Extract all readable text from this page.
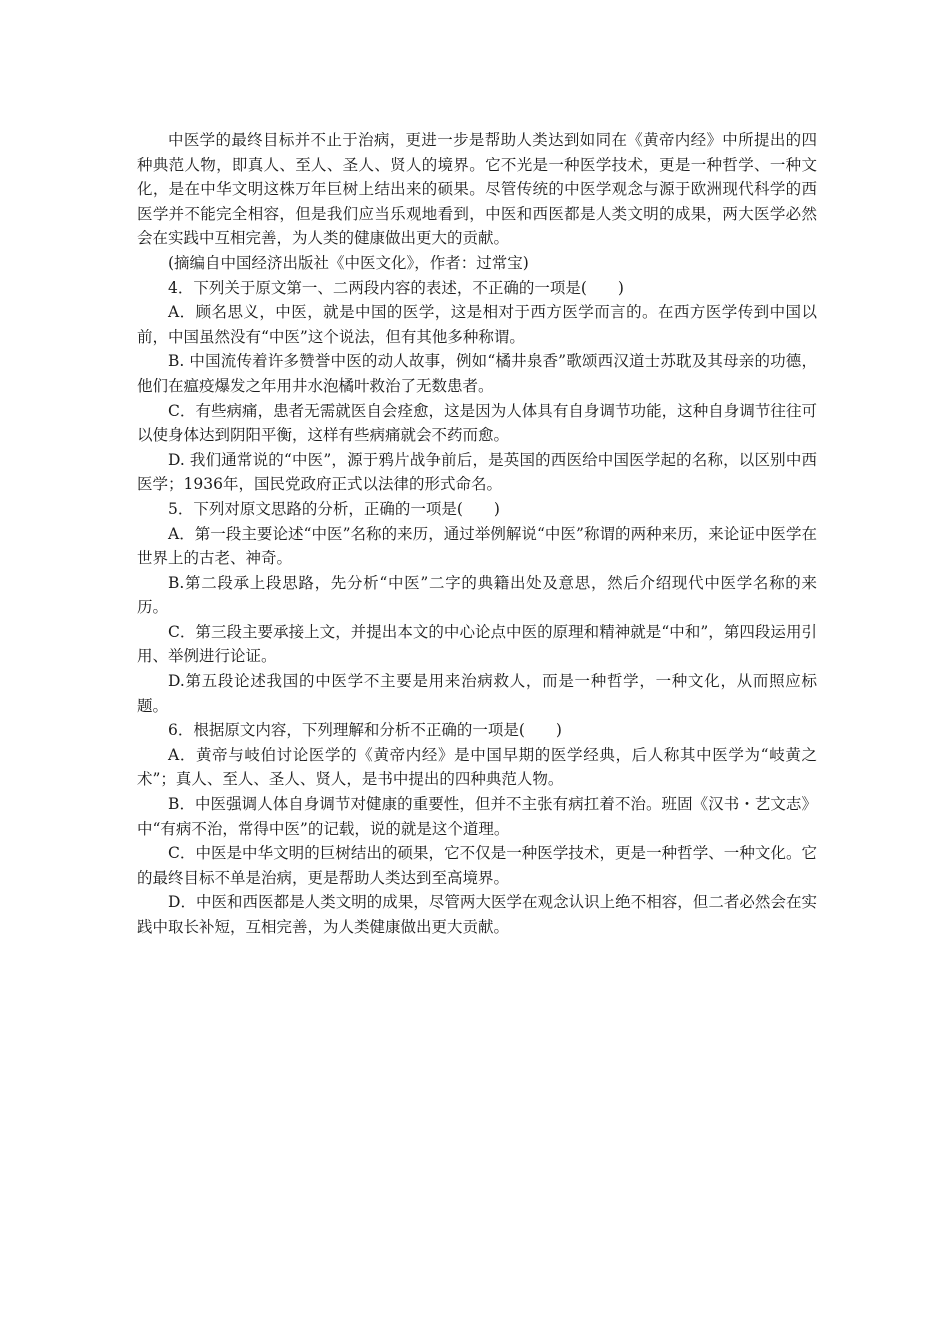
中医学的最终目标并不止于治病，更进一步是帮助人类达到如同在《黄帝内经》中所提出的四种典范人物，即真人、至人、圣人、贤人的境界。它不光是一种医学技术，更是一种哲学、一种文化，是在中华文明这株万年巨树上结出来的硕果。尽管传统的中医学观念与源于欧洲现代科学的西医学并不能完全相容，但是我们应当乐观地看到，中医和西医都是人类文明的成果，两大医学必然会在实践中互相完善，为人类的健康做出更大的贡献。

(摘编自中国经济出版社《中医文化》，作者：过常宝)

4．下列关于原文第一、二两段内容的表述，不正确的一项是(　　)

A．顾名思义，中医，就是中国的医学，这是相对于西方医学而言的。在西方医学传到中国以前，中国虽然没有“中医”这个说法，但有其他多种称谓。

B. 中国流传着许多赞誉中医的动人故事，例如“橘井泉香”歌颂西汉道士苏耽及其母亲的功德，他们在瘟疫爆发之年用井水泡橘叶救治了无数患者。

C．有些病痛，患者无需就医自会痊愈，这是因为人体具有自身调节功能，这种自身调节往往可以使身体达到阴阳平衡，这样有些病痛就会不药而愈。

D. 我们通常说的“中医”，源于鸦片战争前后，是英国的西医给中国医学起的名称，以区别中西医学；1936年，国民党政府正式以法律的形式命名。

5．下列对原文思路的分析，正确的一项是(　　)

A．第一段主要论述“中医”名称的来历，通过举例解说“中医”称谓的两种来历，来论证中医学在世界上的古老、神奇。

B.第二段承上段思路，先分析“中医”二字的典籍出处及意思，然后介绍现代中医学名称的来历。

C．第三段主要承接上文，并提出本文的中心论点中医的原理和精神就是“中和”，第四段运用引用、举例进行论证。

D.第五段论述我国的中医学不主要是用来治病救人，而是一种哲学，一种文化，从而照应标题。

6．根据原文内容，下列理解和分析不正确的一项是(　　)

A．黄帝与岐伯讨论医学的《黄帝内经》是中国早期的医学经典，后人称其中医学为“岐黄之术”；真人、至人、圣人、贤人，是书中提出的四种典范人物。

B．中医强调人体自身调节对健康的重要性，但并不主张有病扛着不治。班固《汉书・艺文志》中“有病不治，常得中医”的记载，说的就是这个道理。

C．中医是中华文明的巨树结出的硕果，它不仅是一种医学技术，更是一种哲学、一种文化。它的最终目标不单是治病，更是帮助人类达到至高境界。

D．中医和西医都是人类文明的成果，尽管两大医学在观念认识上绝不相容，但二者必然会在实践中取长补短，互相完善，为人类健康做出更大贡献。
